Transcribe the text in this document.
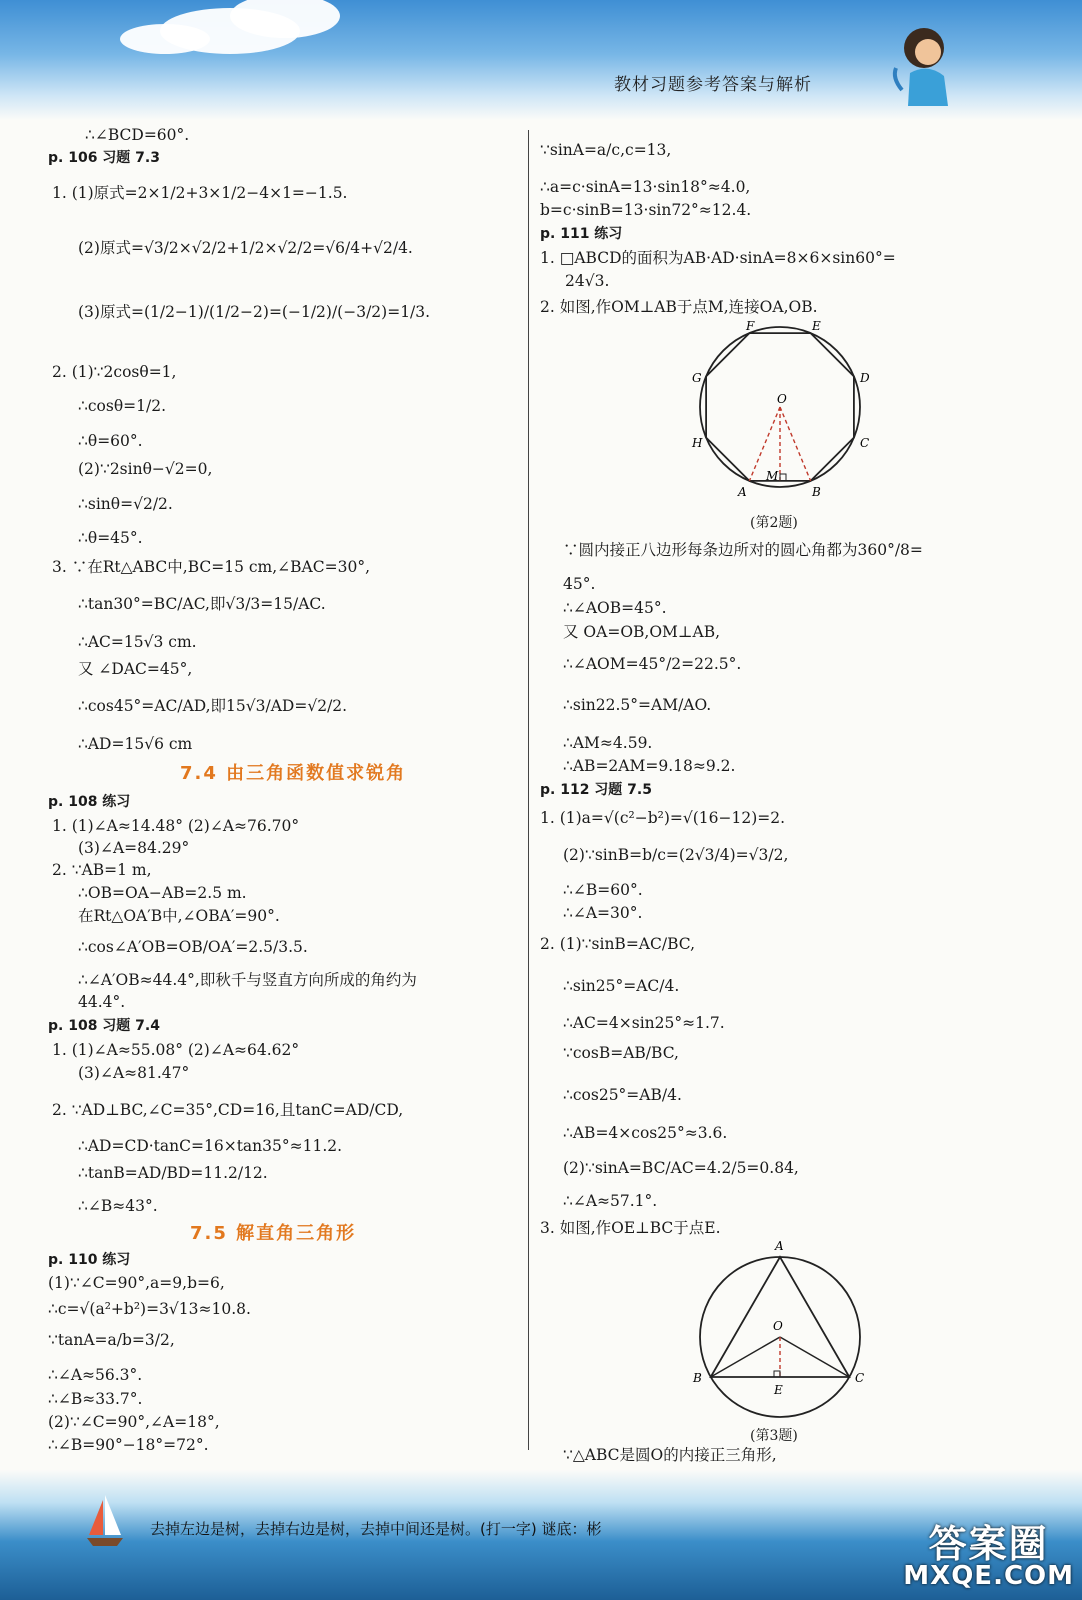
教材习题参考答案与解析
∴∠BCD=60°.
p. 106 习题 7.3
1. (1)原式=2×1/2+3×1/2−4×1=−1.5.
(2)原式=√3/2×√2/2+1/2×√2/2=√6/4+√2/4.
(3)原式=(1/2−1)/(1/2−2)=(−1/2)/(−3/2)=1/3.
2. (1)∵2cosθ=1,
∴cosθ=1/2.
∴θ=60°.
(2)∵2sinθ−√2=0,
∴sinθ=√2/2.
∴θ=45°.
3. ∵在Rt△ABC中,BC=15 cm,∠BAC=30°,
∴tan30°=BC/AC,即√3/3=15/AC.
∴AC=15√3 cm.
又 ∠DAC=45°,
∴cos45°=AC/AD,即15√3/AD=√2/2.
∴AD=15√6 cm
7.4 由三角函数值求锐角
p. 108 练习
1. (1)∠A≈14.48° (2)∠A≈76.70°
(3)∠A=84.29°
2. ∵AB=1 m,
∴OB=OA−AB=2.5 m.
在Rt△OA′B中,∠OBA′=90°.
∴cos∠A′OB=OB/OA′=2.5/3.5.
∴∠A′OB≈44.4°,即秋千与竖直方向所成的角约为
44.4°.
p. 108 习题 7.4
1. (1)∠A≈55.08° (2)∠A≈64.62°
(3)∠A≈81.47°
2. ∵AD⊥BC,∠C=35°,CD=16,且tanC=AD/CD,
∴AD=CD·tanC=16×tan35°≈11.2.
∴tanB=AD/BD=11.2/12.
∴∠B≈43°.
7.5 解直角三角形
p. 110 练习
(1)∵∠C=90°,a=9,b=6,
∴c=√(a²+b²)=3√13≈10.8.
∵tanA=a/b=3/2,
∴∠A≈56.3°.
∴∠B≈33.7°.
(2)∵∠C=90°,∠A=18°,
∴∠B=90°−18°=72°.
∵sinA=a/c,c=13,
∴a=c·sinA=13·sin18°≈4.0,
b=c·sinB=13·sin72°≈12.4.
p. 111 练习
1. □ABCD的面积为AB·AD·sinA=8×6×sin60°=
24√3.
2. 如图,作OM⊥AB于点M,连接OA,OB.
F	E
G	D
O
H	C
A
M
B
(第2题)
∵圆内接正八边形每条边所对的圆心角都为360°/8=
45°.
∴∠AOB=45°.
又 OA=OB,OM⊥AB,
∴∠AOM=45°/2=22.5°.
∴sin22.5°=AM/AO.
∴AM≈4.59.
∴AB=2AM=9.18≈9.2.
p. 112 习题 7.5
1. (1)a=√(c²−b²)=√(16−12)=2.
(2)∵sinB=b/c=(2√3/4)=√3/2,
∴∠B=60°.
∴∠A=30°.
2. (1)∵sinB=AC/BC,
∴sin25°=AC/4.
∴AC=4×sin25°≈1.7.
∵cosB=AB/BC,
∴cos25°=AB/4.
∴AB=4×cos25°≈3.6.
(2)∵sinA=BC/AC=4.2/5=0.84,
∴∠A≈57.1°.
3. 如图,作OE⊥BC于点E.
A
O
B
E
C
(第3题)
∵△ABC是圆O的内接正三角形,
去掉左边是树，去掉右边是树，去掉中间还是树。(打一字) 谜底：彬	答案圈
MXQE.COM
